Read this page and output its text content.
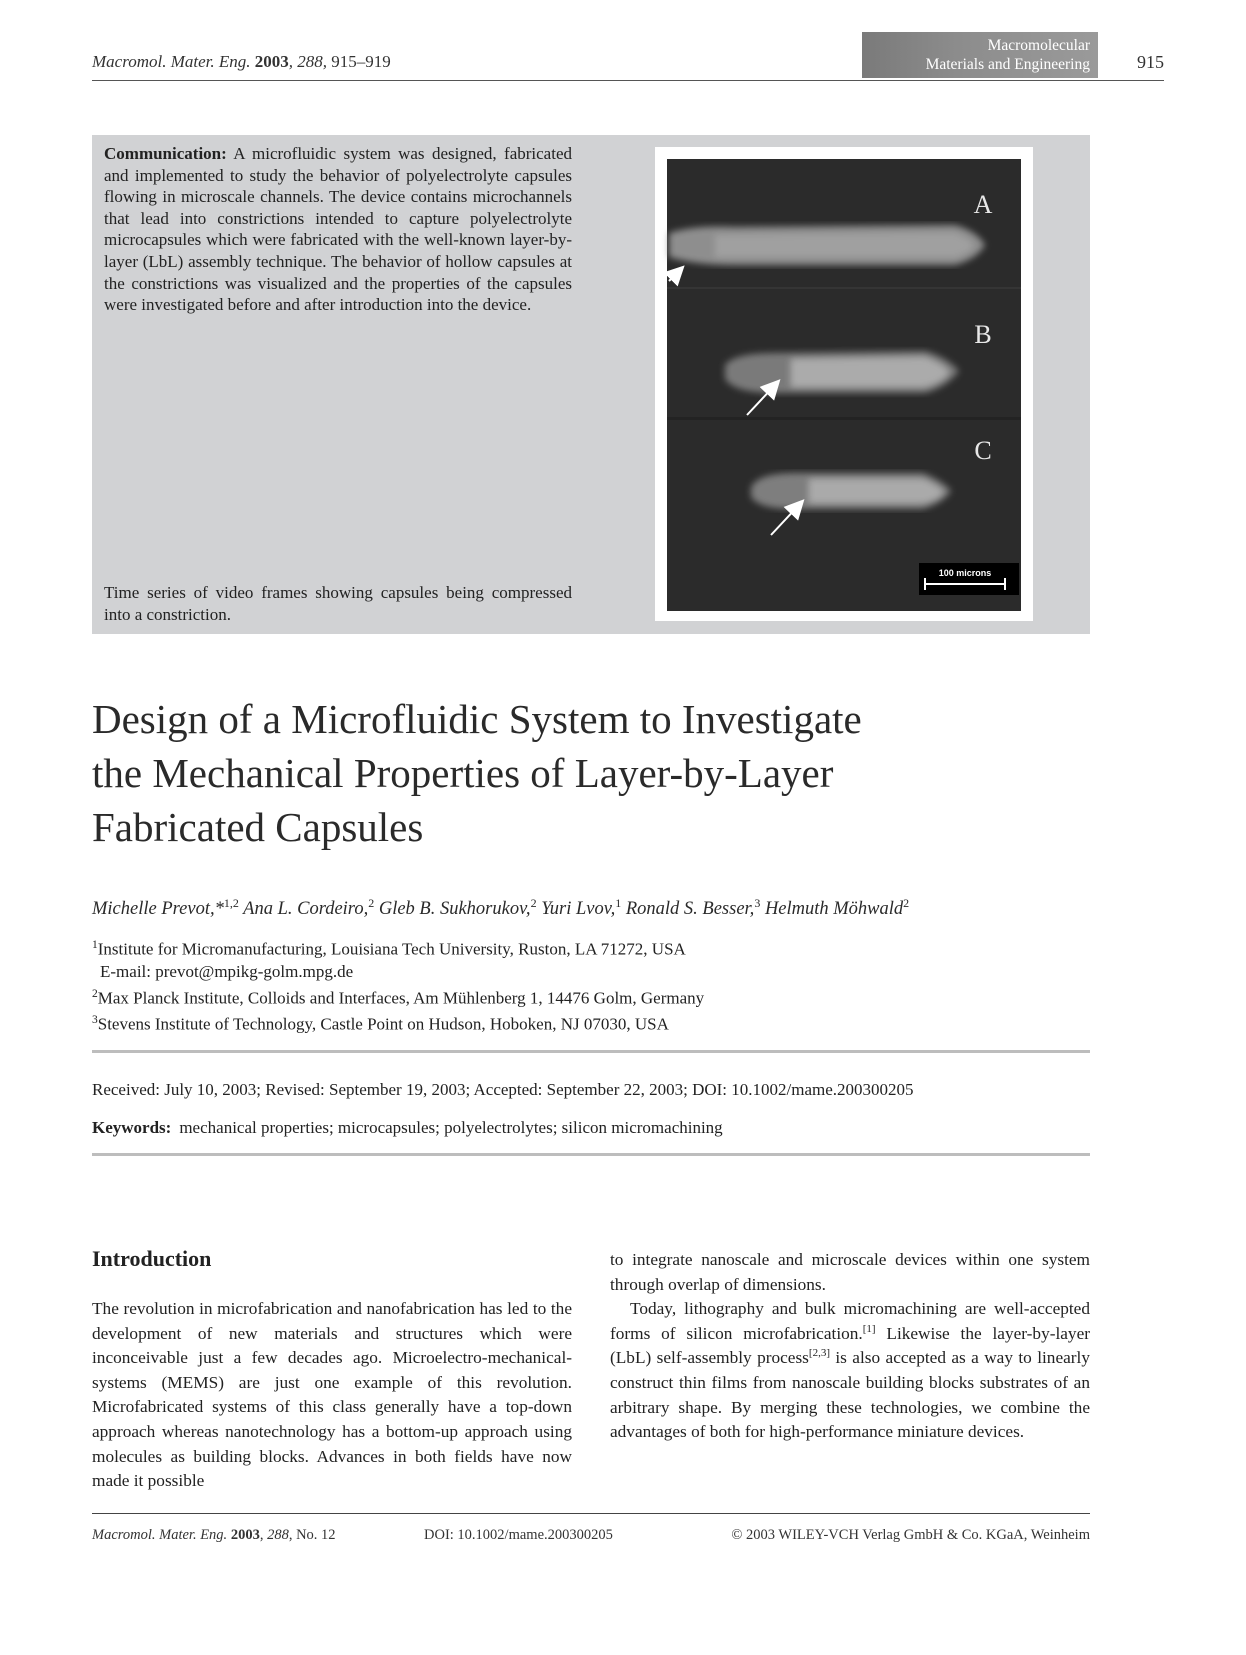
Macromol. Mater. Eng. 2003, 288, 915–919
Macromolecular
Materials and Engineering	915
Communication: A microfluidic system was designed, fabricated and implemented to study the behavior of polyelectrolyte capsules flowing in microscale channels. The device contains microchannels that lead into constrictions intended to capture polyelectrolyte microcapsules which were fabricated with the well-known layer-by-layer (LbL) assembly technique. The behavior of hollow capsules at the constrictions was visualized and the properties of the capsules were investigated before and after introduction into the device.
Time series of video frames showing capsules being compressed into a constriction.
A
B
C
100 microns
Design of a Microfluidic System to Investigate
the Mechanical Properties of Layer-by-Layer
Fabricated Capsules
Michelle Prevot,*$^{1,2}$ Ana L. Cordeiro,$^2$ Gleb B. Sukhorukov,$^2$ Yuri Lvov,$^1$ Ronald S. Besser,$^3$ Helmuth Möhwald$^2$
$^1$Institute for Micromanufacturing, Louisiana Tech University, Ruston, LA 71272, USA
E-mail: prevot@mpikg-golm.mpg.de
$^2$Max Planck Institute, Colloids and Interfaces, Am Mühlenberg 1, 14476 Golm, Germany
$^3$Stevens Institute of Technology, Castle Point on Hudson, Hoboken, NJ 07030, USA
Received: July 10, 2003; Revised: September 19, 2003; Accepted: September 22, 2003; DOI: 10.1002/mame.200300205
Keywords: mechanical properties; microcapsules; polyelectrolytes; silicon micromachining
Introduction

The revolution in microfabrication and nanofabrication has led to the development of new materials and structures which were inconceivable just a few decades ago. Microelectro-mechanical-systems (MEMS) are just one example of this revolution. Microfabricated systems of this class generally have a top-down approach whereas nanotechnology has a bottom-up approach using molecules as building blocks. Advances in both fields have now made it possible

to integrate nanoscale and microscale devices within one system through overlap of dimensions.

Today, lithography and bulk micromachining are well-accepted forms of silicon microfabrication.[1] Likewise the layer-by-layer (LbL) self-assembly process[2,3] is also accepted as a way to linearly construct thin films from nanoscale building blocks substrates of an arbitrary shape. By merging these technologies, we combine the advantages of both for high-performance miniature devices.

Macromol. Mater. Eng. 2003, 288, No. 12	DOI: 10.1002/mame.200300205	© 2003 WILEY-VCH Verlag GmbH & Co. KGaA, Weinheim
